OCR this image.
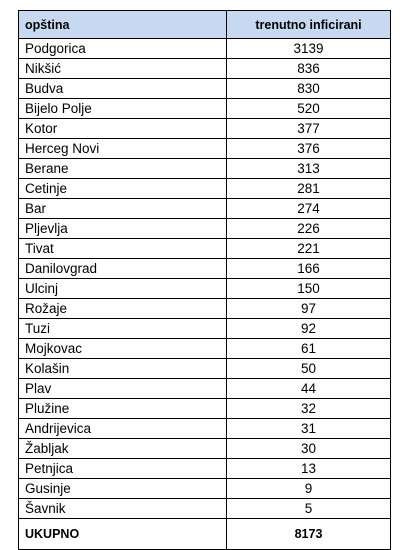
opština	trenutno inficirani
Podgorica	3139
Nikšić	836
Budva	830
Bijelo Polje	520
Kotor	377
Herceg Novi	376
Berane	313
Cetinje	281
Bar	274
Pljevlja	226
Tivat	221
Danilovgrad	166
Ulcinj	150
Rožaje	97
Tuzi	92
Mojkovac	61
Kolašin	50
Plav	44
Plužine	32
Andrijevica	31
Žabljak	30
Petnjica	13
Gusinje	9
Šavnik	5
UKUPNO	8173
